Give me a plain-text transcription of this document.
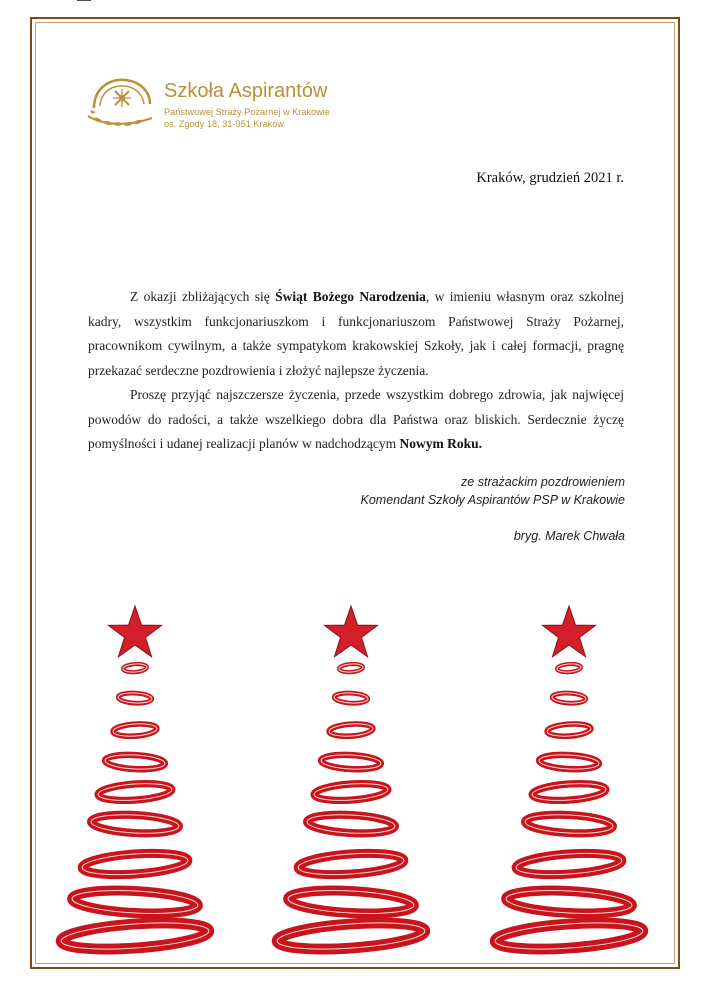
Szkoła Aspirantów
Państwowej Straży Pożarnej w Krakowie
os. Zgody 18, 31-951 Kraków
Kraków, grudzień 2021 r.

Z okazji zbliżających się Świąt Bożego Narodzenia, w imieniu własnym oraz szkolnej kadry, wszystkim funkcjonariuszkom i funkcjonariuszom Państwowej Straży Pożarnej, pracownikom cywilnym, a także sympatykom krakowskiej Szkoły, jak i całej formacji, pragnę przekazać serdeczne pozdrowienia i złożyć najlepsze życzenia.

Proszę przyjąć najszczersze życzenia, przede wszystkim dobrego zdrowia, jak najwięcej powodów do radości, a także wszelkiego dobra dla Państwa oraz bliskich. Serdecznie życzę pomyślności i udanej realizacji planów w nadchodzącym Nowym Roku.

ze strażackim pozdrowieniem
Komendant Szkoły Aspirantów PSP w Krakowie
bryg. Marek Chwała
